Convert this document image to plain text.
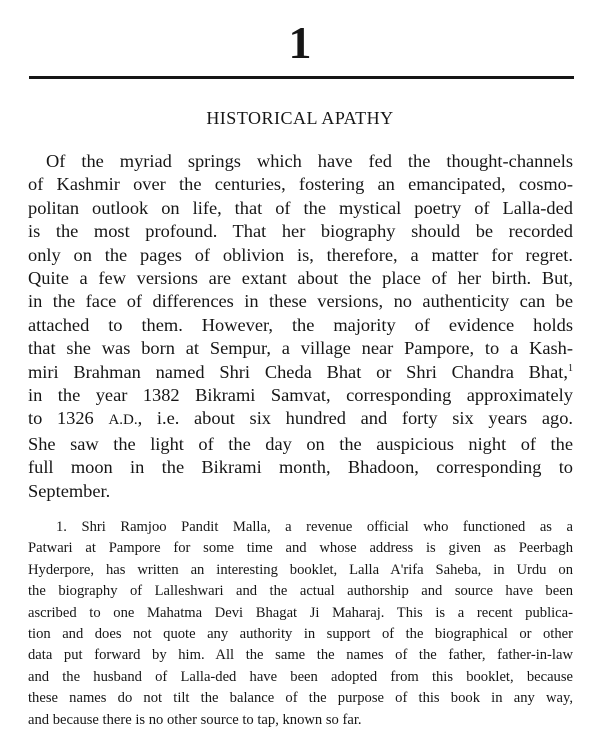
1
HISTORICAL APATHY
Of the myriad springs which have fed the thought-channels
of Kashmir over the centuries, fostering an emancipated, cosmo-
politan outlook on life, that of the mystical poetry of Lalla-ded
is the most profound. That her biography should be recorded
only on the pages of oblivion is, therefore, a matter for regret.
Quite a few versions are extant about the place of her birth. But,
in the face of differences in these versions, no authenticity can be
attached to them. However, the majority of evidence holds
that she was born at Sempur, a village near Pampore, to a Kash-
miri Brahman named Shri Cheda Bhat or Shri Chandra Bhat,$^1$
in the year 1382 Bikrami Samvat, corresponding approximately
to 1326 A.D., i.e. about six hundred and forty six years ago.
She saw the light of the day on the auspicious night of the
full moon in the Bikrami month, Bhadoon, corresponding to
September.
1. Shri Ramjoo Pandit Malla, a revenue official who functioned as a
Patwari at Pampore for some time and whose address is given as Peerbagh
Hyderpore, has written an interesting booklet, Lalla A'rifa Saheba, in Urdu on
the biography of Lalleshwari and the actual authorship and source have been
ascribed to one Mahatma Devi Bhagat Ji Maharaj. This is a recent publica-
tion and does not quote any authority in support of the biographical or other
data put forward by him. All the same the names of the father, father-in-law
and the husband of Lalla-ded have been adopted from this booklet, because
these names do not tilt the balance of the purpose of this book in any way,
and because there is no other source to tap, known so far.
